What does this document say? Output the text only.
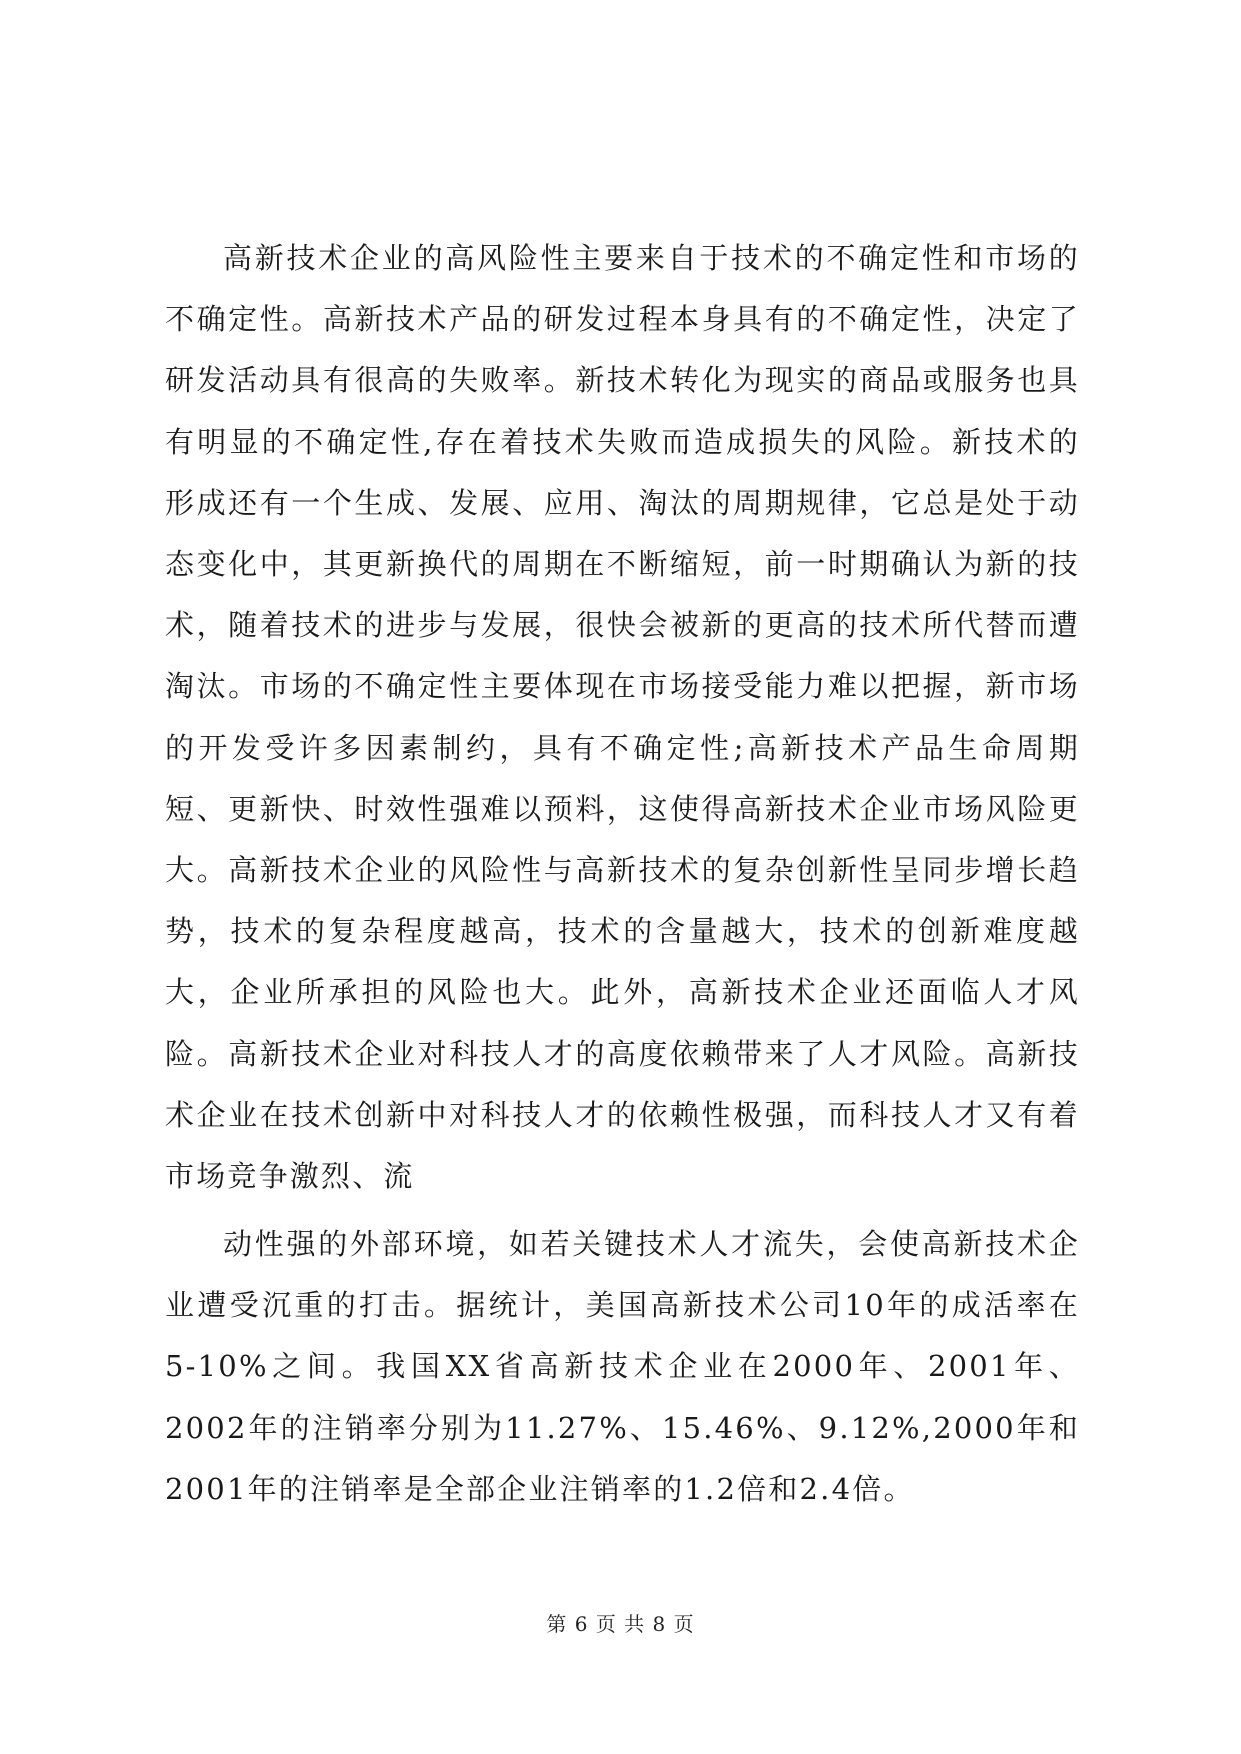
高新技术企业的高风险性主要来自于技术的不确定性和市场的不确定性。高新技术产品的研发过程本身具有的不确定性，决定了研发活动具有很高的失败率。新技术转化为现实的商品或服务也具有明显的不确定性,存在着技术失败而造成损失的风险。新技术的形成还有一个生成、发展、应用、淘汰的周期规律，它总是处于动态变化中，其更新换代的周期在不断缩短，前一时期确认为新的技术，随着技术的进步与发展，很快会被新的更高的技术所代替而遭淘汰。市场的不确定性主要体现在市场接受能力难以把握，新市场的开发受许多因素制约，具有不确定性;高新技术产品生命周期短、更新快、时效性强难以预料，这使得高新技术企业市场风险更大。高新技术企业的风险性与高新技术的复杂创新性呈同步增长趋势，技术的复杂程度越高，技术的含量越大，技术的创新难度越大，企业所承担的风险也大。此外，高新技术企业还面临人才风险。高新技术企业对科技人才的高度依赖带来了人才风险。高新技术企业在技术创新中对科技人才的依赖性极强，而科技人才又有着市场竞争激烈、流

动性强的外部环境，如若关键技术人才流失，会使高新技术企业遭受沉重的打击。据统计，美国高新技术公司10年的成活率在5-10%之间。我国XX省高新技术企业在2000年、2001年、2002年的注销率分别为11.27%、15.46%、9.12%,2000年和2001年的注销率是全部企业注销率的1.2倍和2.4倍。

第 6 页 共 8 页
